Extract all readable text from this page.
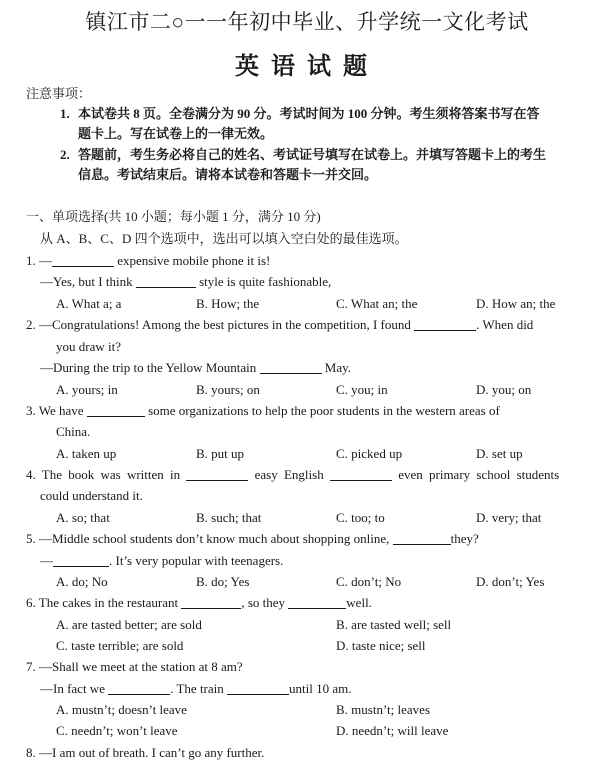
镇江市二○一一年初中毕业、升学统一文化考试
英语试题
注意事项：
1. 本试卷共 8 页。全卷满分为 90 分。考试时间为 100 分钟。考生须将答案书写在答
题卡上。写在试卷上的一律无效。
2. 答题前，考生务必将自己的姓名、考试证号填写在试卷上。并填写答题卡上的考生
信息。考试结束后。请将本试卷和答题卡一并交回。
一、单项选择(共 10 小题；每小题 1 分，满分 10 分)
从 A、B、C、D 四个选项中，选出可以填入空白处的最佳选项。
1. —	expensive mobile phone it is!
—Yes, but I think	style is quite fashionable,
A. What a; a	B. How; the	C. What an; the	D. How an; the
2. —Congratulations! Among the best pictures in the competition, I found	. When did
you draw it?
—During the trip to the Yellow Mountain	May.
A. yours; in	B. yours; on	C. you; in	D. you; on
3. We have	some organizations to help the poor students in the western areas of
China.
A. taken up	B. put up	C. picked up	D. set up
4. The book was written in	easy English	even primary school students
could understand it.
A. so; that	B. such; that	C. too; to	D. very; that
5. —Middle school students don’t know much about shopping online,	they?
—	. It’s very popular with teenagers.
A. do; No	B. do; Yes	C. don’t; No	D. don’t; Yes
6. The cakes in the restaurant	, so they	well.
A. are tasted better; are sold	B. are tasted well; sell
C. taste terrible; are sold	D. taste nice; sell
7. —Shall we meet at the station at 8 am?
—In fact we	. The train	until 10 am.
A. mustn’t; doesn’t leave	B. mustn’t; leaves
C. needn’t; won’t leave	D. needn’t; will leave
8. —I am out of breath. I can’t go any further.
